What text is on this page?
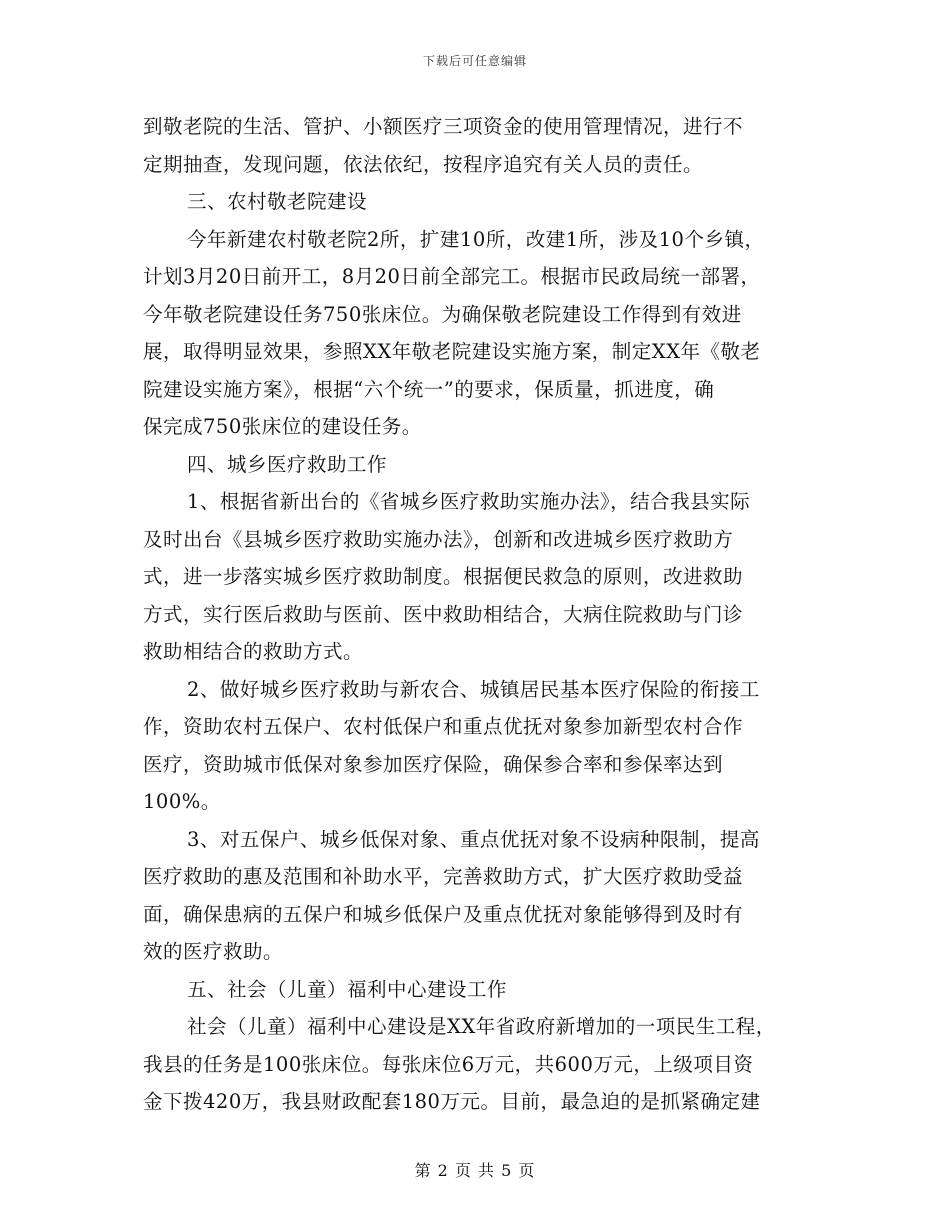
下载后可任意编辑
到敬老院的生活、管护、小额医疗三项资金的使用管理情况，进行不
定期抽查，发现问题，依法依纪，按程序追究有关人员的责任。
三、农村敬老院建设
今年新建农村敬老院2所，扩建10所，改建1所，涉及10个乡镇，
计划3月20日前开工，8月20日前全部完工。根据市民政局统一部署，
今年敬老院建设任务750张床位。为确保敬老院建设工作得到有效进
展，取得明显效果，参照XX年敬老院建设实施方案，制定XX年《敬老
院建设实施方案》，根据“六个统一”的要求，保质量，抓进度，确
保完成750张床位的建设任务。
四、城乡医疗救助工作
1、根据省新出台的《省城乡医疗救助实施办法》，结合我县实际
及时出台《县城乡医疗救助实施办法》，创新和改进城乡医疗救助方
式，进一步落实城乡医疗救助制度。根据便民救急的原则，改进救助
方式，实行医后救助与医前、医中救助相结合，大病住院救助与门诊
救助相结合的救助方式。
2、做好城乡医疗救助与新农合、城镇居民基本医疗保险的衔接工
作，资助农村五保户、农村低保户和重点优抚对象参加新型农村合作
医疗，资助城市低保对象参加医疗保险，确保参合率和参保率达到
100%。
3、对五保户、城乡低保对象、重点优抚对象不设病种限制，提高
医疗救助的惠及范围和补助水平，完善救助方式，扩大医疗救助受益
面，确保患病的五保户和城乡低保户及重点优抚对象能够得到及时有
效的医疗救助。
五、社会（儿童）福利中心建设工作
社会（儿童）福利中心建设是XX年省政府新增加的一项民生工程，
我县的任务是100张床位。每张床位6万元，共600万元，上级项目资
金下拨420万，我县财政配套180万元。目前，最急迫的是抓紧确定建
第 2 页 共 5 页
